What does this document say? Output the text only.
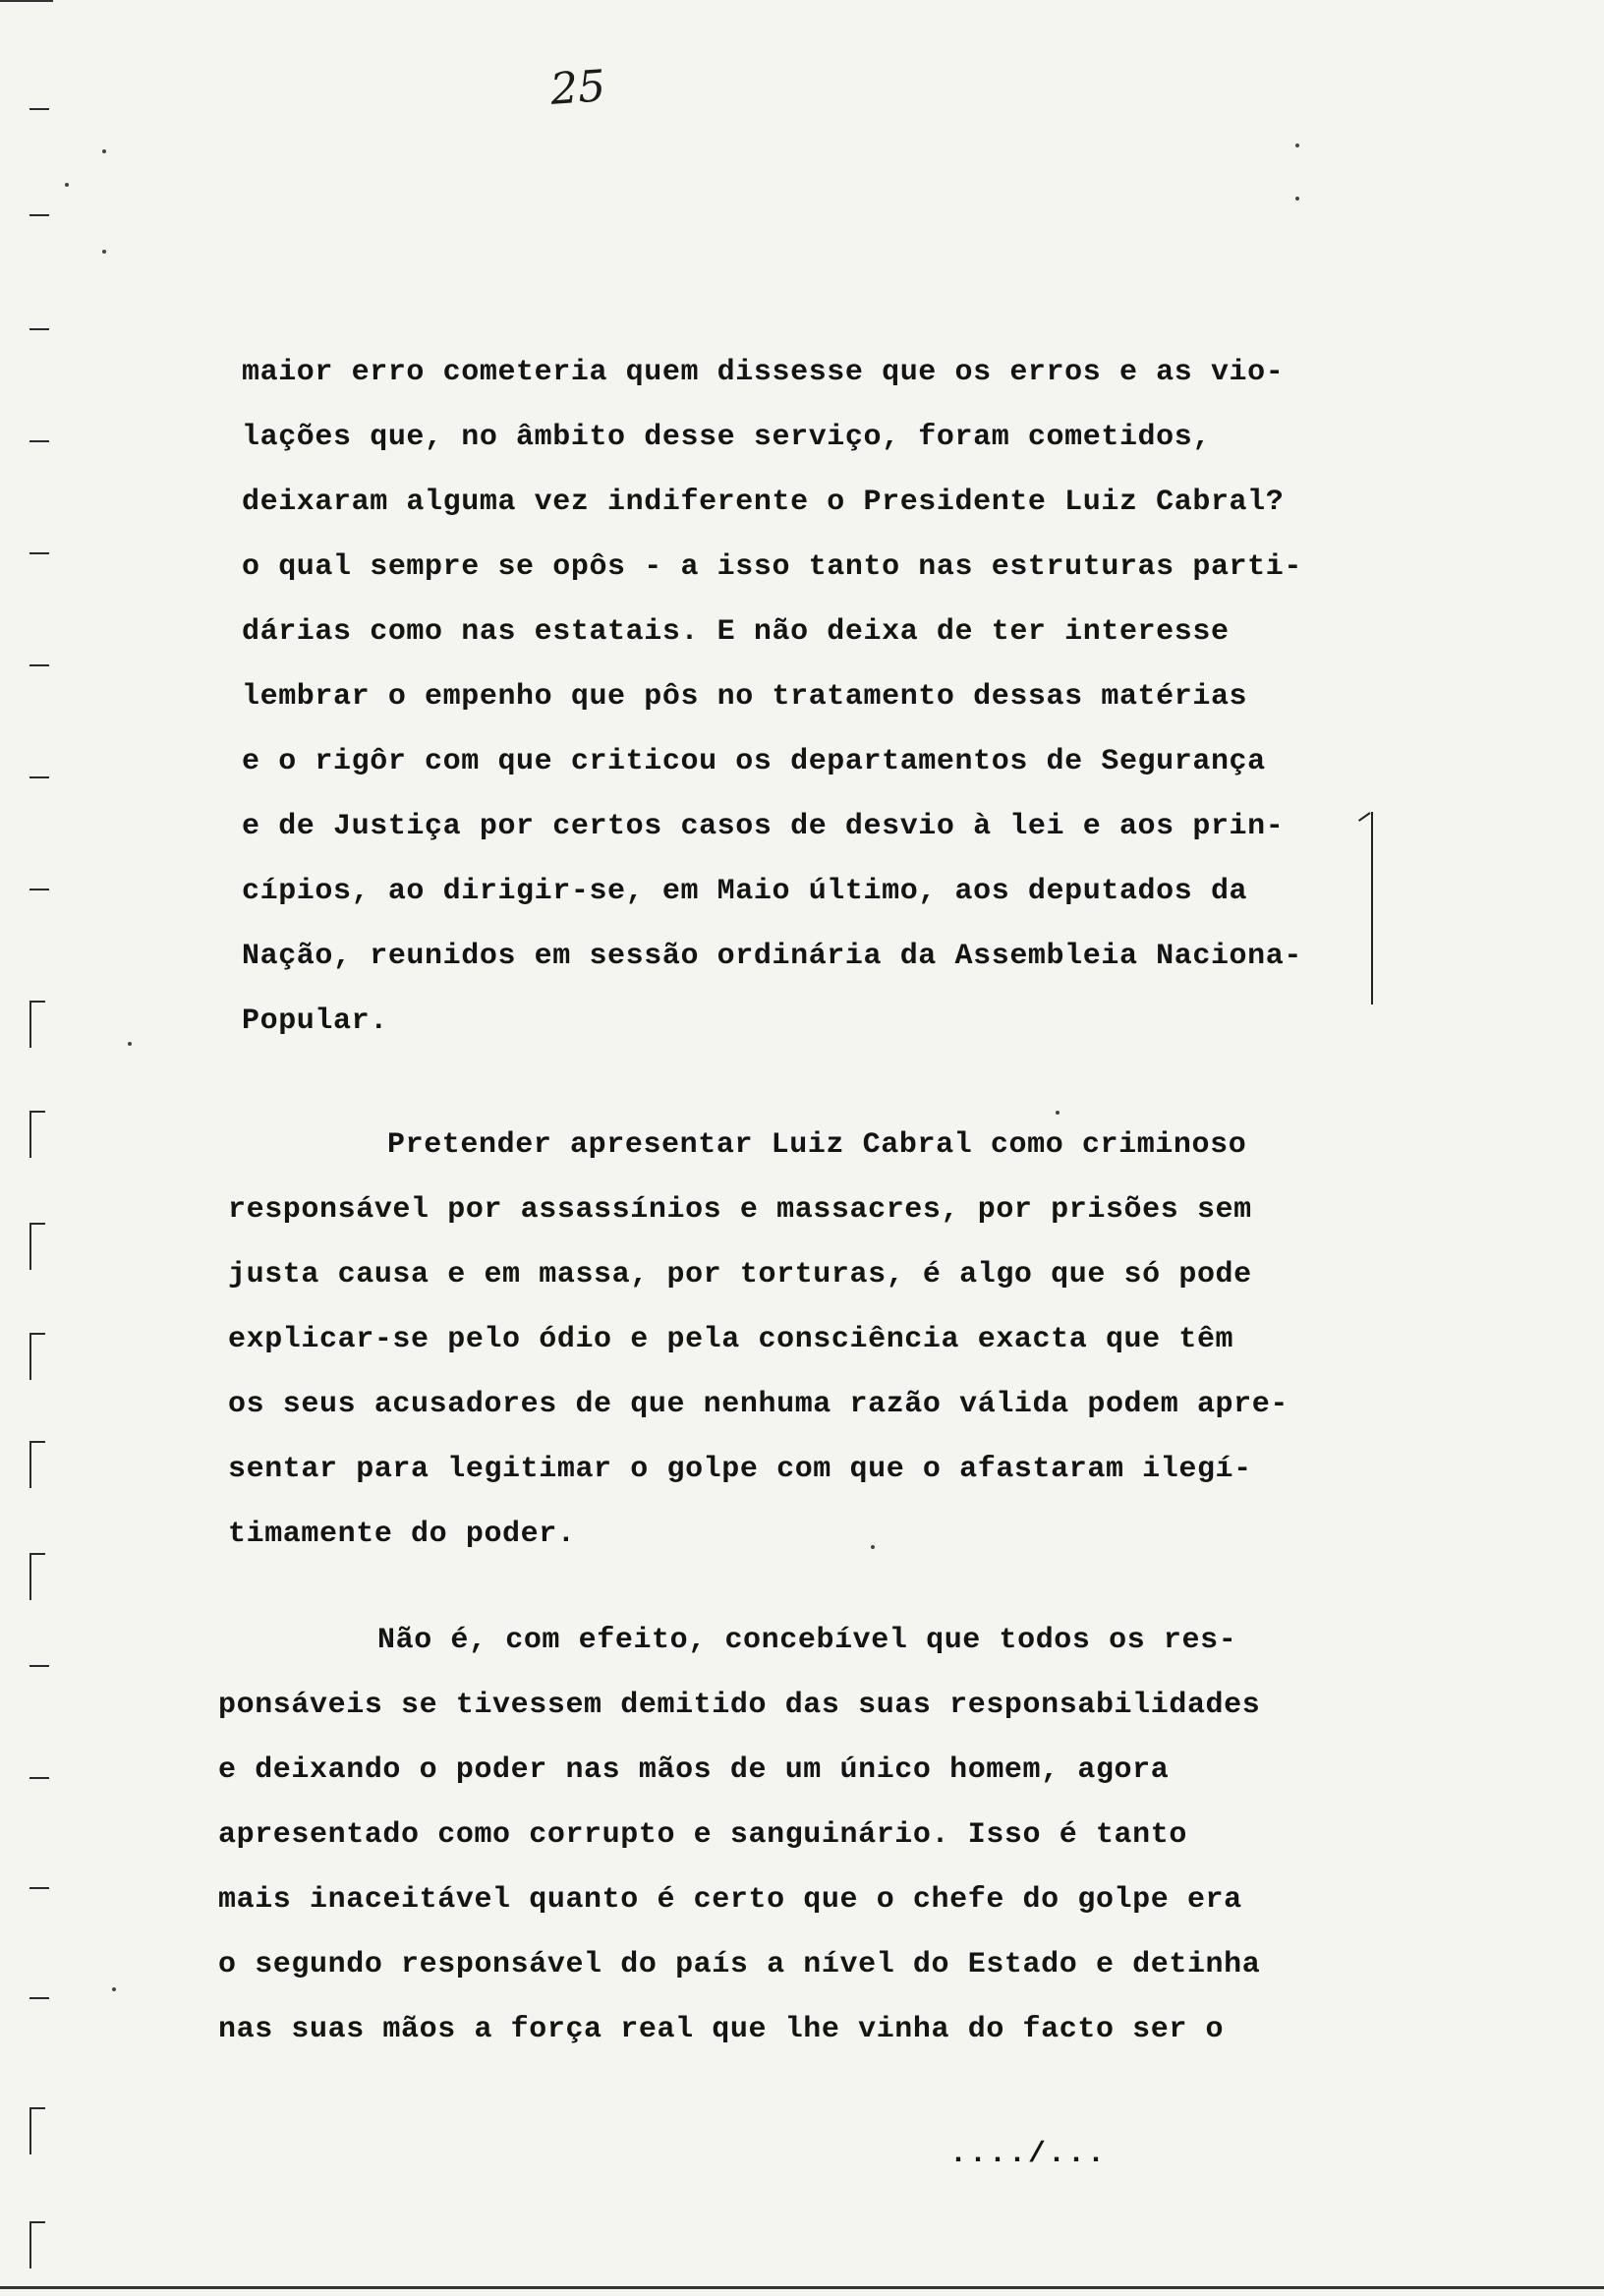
25
maior erro cometeria quem dissesse que os erros e as vio-
lações que, no âmbito desse serviço, foram cometidos,
deixaram alguma vez indiferente o Presidente Luiz Cabral?
o qual sempre se opôs - a isso tanto nas estruturas parti-
dárias como nas estatais. E não deixa de ter interesse
lembrar o empenho que pôs no tratamento dessas matérias
e o rigôr com que criticou os departamentos de Segurança
e de Justiça por certos casos de desvio à lei e aos prin-
cípios, ao dirigir-se, em Maio último, aos deputados da
Nação, reunidos em sessão ordinária da Assembleia Naciona-
Popular.
Pretender apresentar Luiz Cabral como criminoso
responsável por assassínios e massacres, por prisões sem
justa causa e em massa, por torturas, é algo que só pode
explicar-se pelo ódio e pela consciência exacta que têm
os seus acusadores de que nenhuma razão válida podem apre-
sentar para legitimar o golpe com que o afastaram ilegí-
timamente do poder.
Não é, com efeito, concebível que todos os res-
ponsáveis se tivessem demitido das suas responsabilidades
e deixando o poder nas mãos de um único homem, agora
apresentado como corrupto e sanguinário. Isso é tanto
mais inaceitável quanto é certo que o chefe do golpe era
o segundo responsável do país a nível do Estado e detinha
nas suas mãos a força real que lhe vinha do facto ser o
..../...
